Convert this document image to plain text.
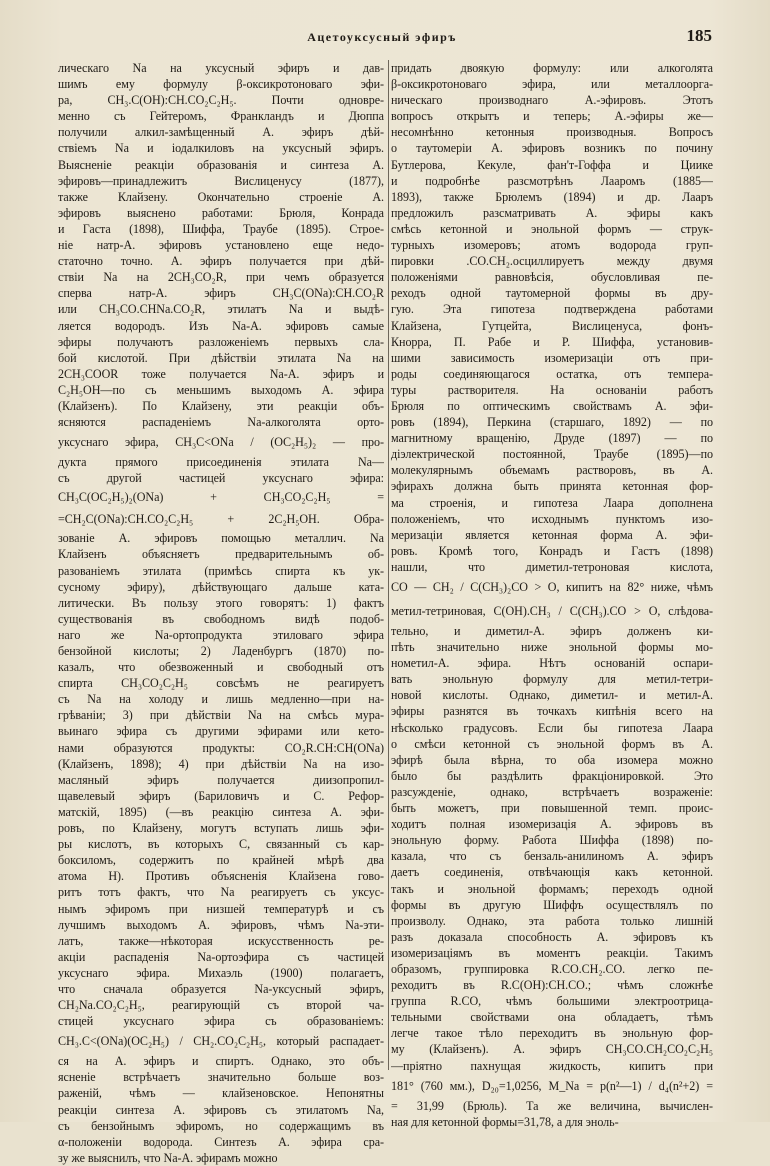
Ацетоуксусный эфиръ	185
лическаго Na на уксусный эфиръ и дав-
шимъ ему формулу β-оксикротоноваго эфи-
ра, CH₃.C(OH):CH.CO₂C₂H₅. Почти одновре-
менно съ Гейтеромъ, Франкландъ и Дюппа
получили алкил-замѣщенный А. эфиръ дѣй-
ствіемъ Na и іодалкиловъ на уксусный эфиръ.
Выясненіе реакціи образованія и синтеза А.
эфировъ—принадлежитъ Вислиценусу (1877),
также Клайзену. Окончательно строеніе А.
эфировъ выяснено работами: Брюля, Конрада
и Гаста (1898), Шиффа, Траубе (1895). Строе-
ніе натр-А. эфировъ установлено еще недо-
статочно точно. А. эфиръ получается при дѣй-
ствіи Na на 2CH₃CO₂R, при чемъ образуется
сперва натр-А. эфиръ CH₃C(ONa):CH.CO₂R
или CH₃CO.CHNa.CO₂R, этилатъ Na и выдѣ-
ляется водородъ. Изъ Na-А. эфировъ самые
эфиры получаютъ разложеніемъ первыхъ сла-
бой кислотой. При дѣйствіи этилата Na на
2CH₃COOR тоже получается Na-А. эфиръ и
C₂H₅OH—по съ меньшимъ выходомъ А. эфира
(Клайзенъ). По Клайзену, эти реакціи объ-
ясняются распаденіемъ Na-алкоголята орто-
уксуснаго эфира, CH₃C<ONa / (OC₂H₅)₂ — про-
дукта прямого присоединенія этилата Na—
съ другой частицей уксуснаго эфира:
CH₃C(OC₂H₅)₂(ONa) + CH₃CO₂C₂H₅ =
=CH₂C(ONa):CH.CO₂C₂H₅ + 2C₂H₅OH. Обра-
зованіе А. эфировъ помощью металлич. Na
Клайзенъ объясняетъ предварительнымъ об-
разованіемъ этилата (примѣсь спирта къ ук-
сусному эфиру), дѣйствующаго дальше ката-
литически. Въ пользу этого говорятъ: 1) фактъ
существованія въ свободномъ видѣ подоб-
наго же Na-ортопродукта этиловаго эфира
бензойной кислоты; 2) Ладенбургъ (1870) по-
казалъ, что обезвоженный и свободный отъ
спирта CH₃CO₂C₂H₅ совсѣмъ не реагируетъ
съ Na на холоду и лишь медленно—при на-
грѣваніи; 3) при дѣйствіи Na на смѣсь мура-
вьинаго эфира съ другими эфирами или кето-
нами образуются продукты: CO₂R.CH:CH(ONa)
(Клайзенъ, 1898); 4) при дѣйствіи Na на изо-
масляный эфиръ получается диизопропил-
щавелевый эфиръ (Бариловичъ и С. Рефор-
матскій, 1895) (—въ реакцію синтеза А. эфи-
ровъ, по Клайзену, могутъ вступать лишь эфи-
ры кислотъ, въ которыхъ С, связанный съ кар-
боксиломъ, содержитъ по крайней мѣрѣ два
атома H). Противъ объясненія Клайзена гово-
ритъ тотъ фактъ, что Na реагируетъ съ уксус-
нымъ эфиромъ при низшей температурѣ и съ
лучшимъ выходомъ А. эфировъ, чѣмъ Na-эти-
латъ, также—нѣкоторая искусственность ре-
акціи распаденія Na-ортоэфира съ частицей
уксуснаго эфира. Михаэль (1900) полагаетъ,
что сначала образуется Na-уксусный эфиръ,
CH₂Na.CO₂C₂H₅, реагирующій съ второй ча-
стицей уксуснаго эфира съ образованіемъ:
CH₃.C<(ONa)(OC₂H₅) / CH₂.CO₂C₂H₅, который распадает-
ся на А. эфиръ и спиртъ. Однако, это объ-
ясненіе встрѣчаетъ значительно больше воз-
раженій, чѣмъ — клайзеновское. Непонятны
реакціи синтеза А. эфировъ съ этилатомъ Na,
съ бензойнымъ эфиромъ, но содержащимъ въ
α-положеніи водорода. Синтезъ А. эфира сра-
зу же выяснилъ, что Na-А. эфирамъ можно
придать двоякую формулу: или алкоголята
β-оксикротоноваго эфира, или металлоорга-
ническаго производнаго А.-эфировъ. Этотъ
вопросъ открытъ и теперь; А.-эфиры же—
несомнѣнно кетонныя производныя. Вопросъ
о таутомеріи А. эфировъ возникъ по почину
Бутлерова, Кекуле, фан'т-Гоффа и Циике
и подробнѣе разсмотрѣнъ Лааромъ (1885—
1893), также Брюлемъ (1894) и др. Лааръ
предложилъ разсматривать А. эфиры какъ
смѣсь кетонной и энольной формъ — струк-
турныхъ изомеровъ; атомъ водорода груп-
пировки .CO.CH₂.осциллируетъ между двумя
положеніями равновѣсія, обусловливая пе-
реходъ одной таутомерной формы въ дру-
гую. Эта гипотеза подтверждена работами
Клайзена, Гутцейта, Вислиценуса, фонъ-
Кнорра, П. Рабе и Р. Шиффа, установив-
шими зависимость изомеризаціи отъ при-
роды соединяющагося остатка, отъ темпера-
туры растворителя. На основаніи работъ
Брюля по оптическимъ свойствамъ А. эфи-
ровъ (1894), Перкина (старшаго, 1892) — по
магнитному вращенію, Друде (1897) — по
діэлектрической постоянной, Траубе (1895)—по
молекулярнымъ объемамъ растворовъ, въ А.
эфирахъ должна быть принята кетонная фор-
ма строенія, и гипотеза Лаара дополнена
положеніемъ, что исходнымъ пунктомъ изо-
меризаціи является кетонная форма А. эфи-
ровъ. Кромѣ того, Конрадъ и Гастъ (1898)
нашли, что диметил-тетроновая кислота,
CO — CH₂ / C(CH₃)₂CO > O, кипитъ на 82° ниже, чѣмъ
метил-тетриновая, C(OH).CH₃ / C(CH₃).CO > O, слѣдова-
тельно, и диметил-А. эфиръ долженъ ки-
пѣть значительно ниже энольной формы мо-
нометил-А. эфира. Нѣтъ основаній оспари-
вать энольную формулу для метил-тетри-
новой кислоты. Однако, диметил- и метил-А.
эфиры разнятся въ точкахъ кипѣнія всего на
нѣсколько градусовъ. Если бы гипотеза Лаара
о смѣси кетонной съ энольной формъ въ А.
эфирѣ была вѣрна, то оба изомера можно
было бы раздѣлить фракціонировкой. Это
разсужденіе, однако, встрѣчаетъ возраженіе:
быть можетъ, при повышенной темп. проис-
ходитъ полная изомеризація А. эфировъ въ
энольную форму. Работа Шиффа (1898) по-
казала, что съ бензаль-анилиномъ А. эфиръ
даетъ соединенія, отвѣчающія какъ кетонной.
такъ и энольной формамъ; переходъ одной
формы въ другую Шиффъ осуществлялъ по
произволу. Однако, эта работа только лишній
разъ доказала способность А. эфировъ къ
изомеризаціямъ въ моментъ реакціи. Такимъ
образомъ, группировка R.CO.CH₂.CO. легко пе-
реходитъ въ R.C(OH):CH.CO.; чѣмъ сложнѣе
группа R.CO, чѣмъ большими электроотрица-
тельными свойствами она обладаетъ, тѣмъ
легче такое тѣло переходитъ въ энольную фор-
му (Клайзенъ). А. эфиръ CH₃CO.CH₂CO₂C₂H₅
—пріятно пахнущая жидкость, кипитъ при
181° (760 мм.), D₂₀=1,0256, M_Na = p(n²—1) / d₄(n²+2) =
= 31,99 (Брюль). Та же величина, вычислен-
ная для кетонной формы=31,78, а для эноль-
